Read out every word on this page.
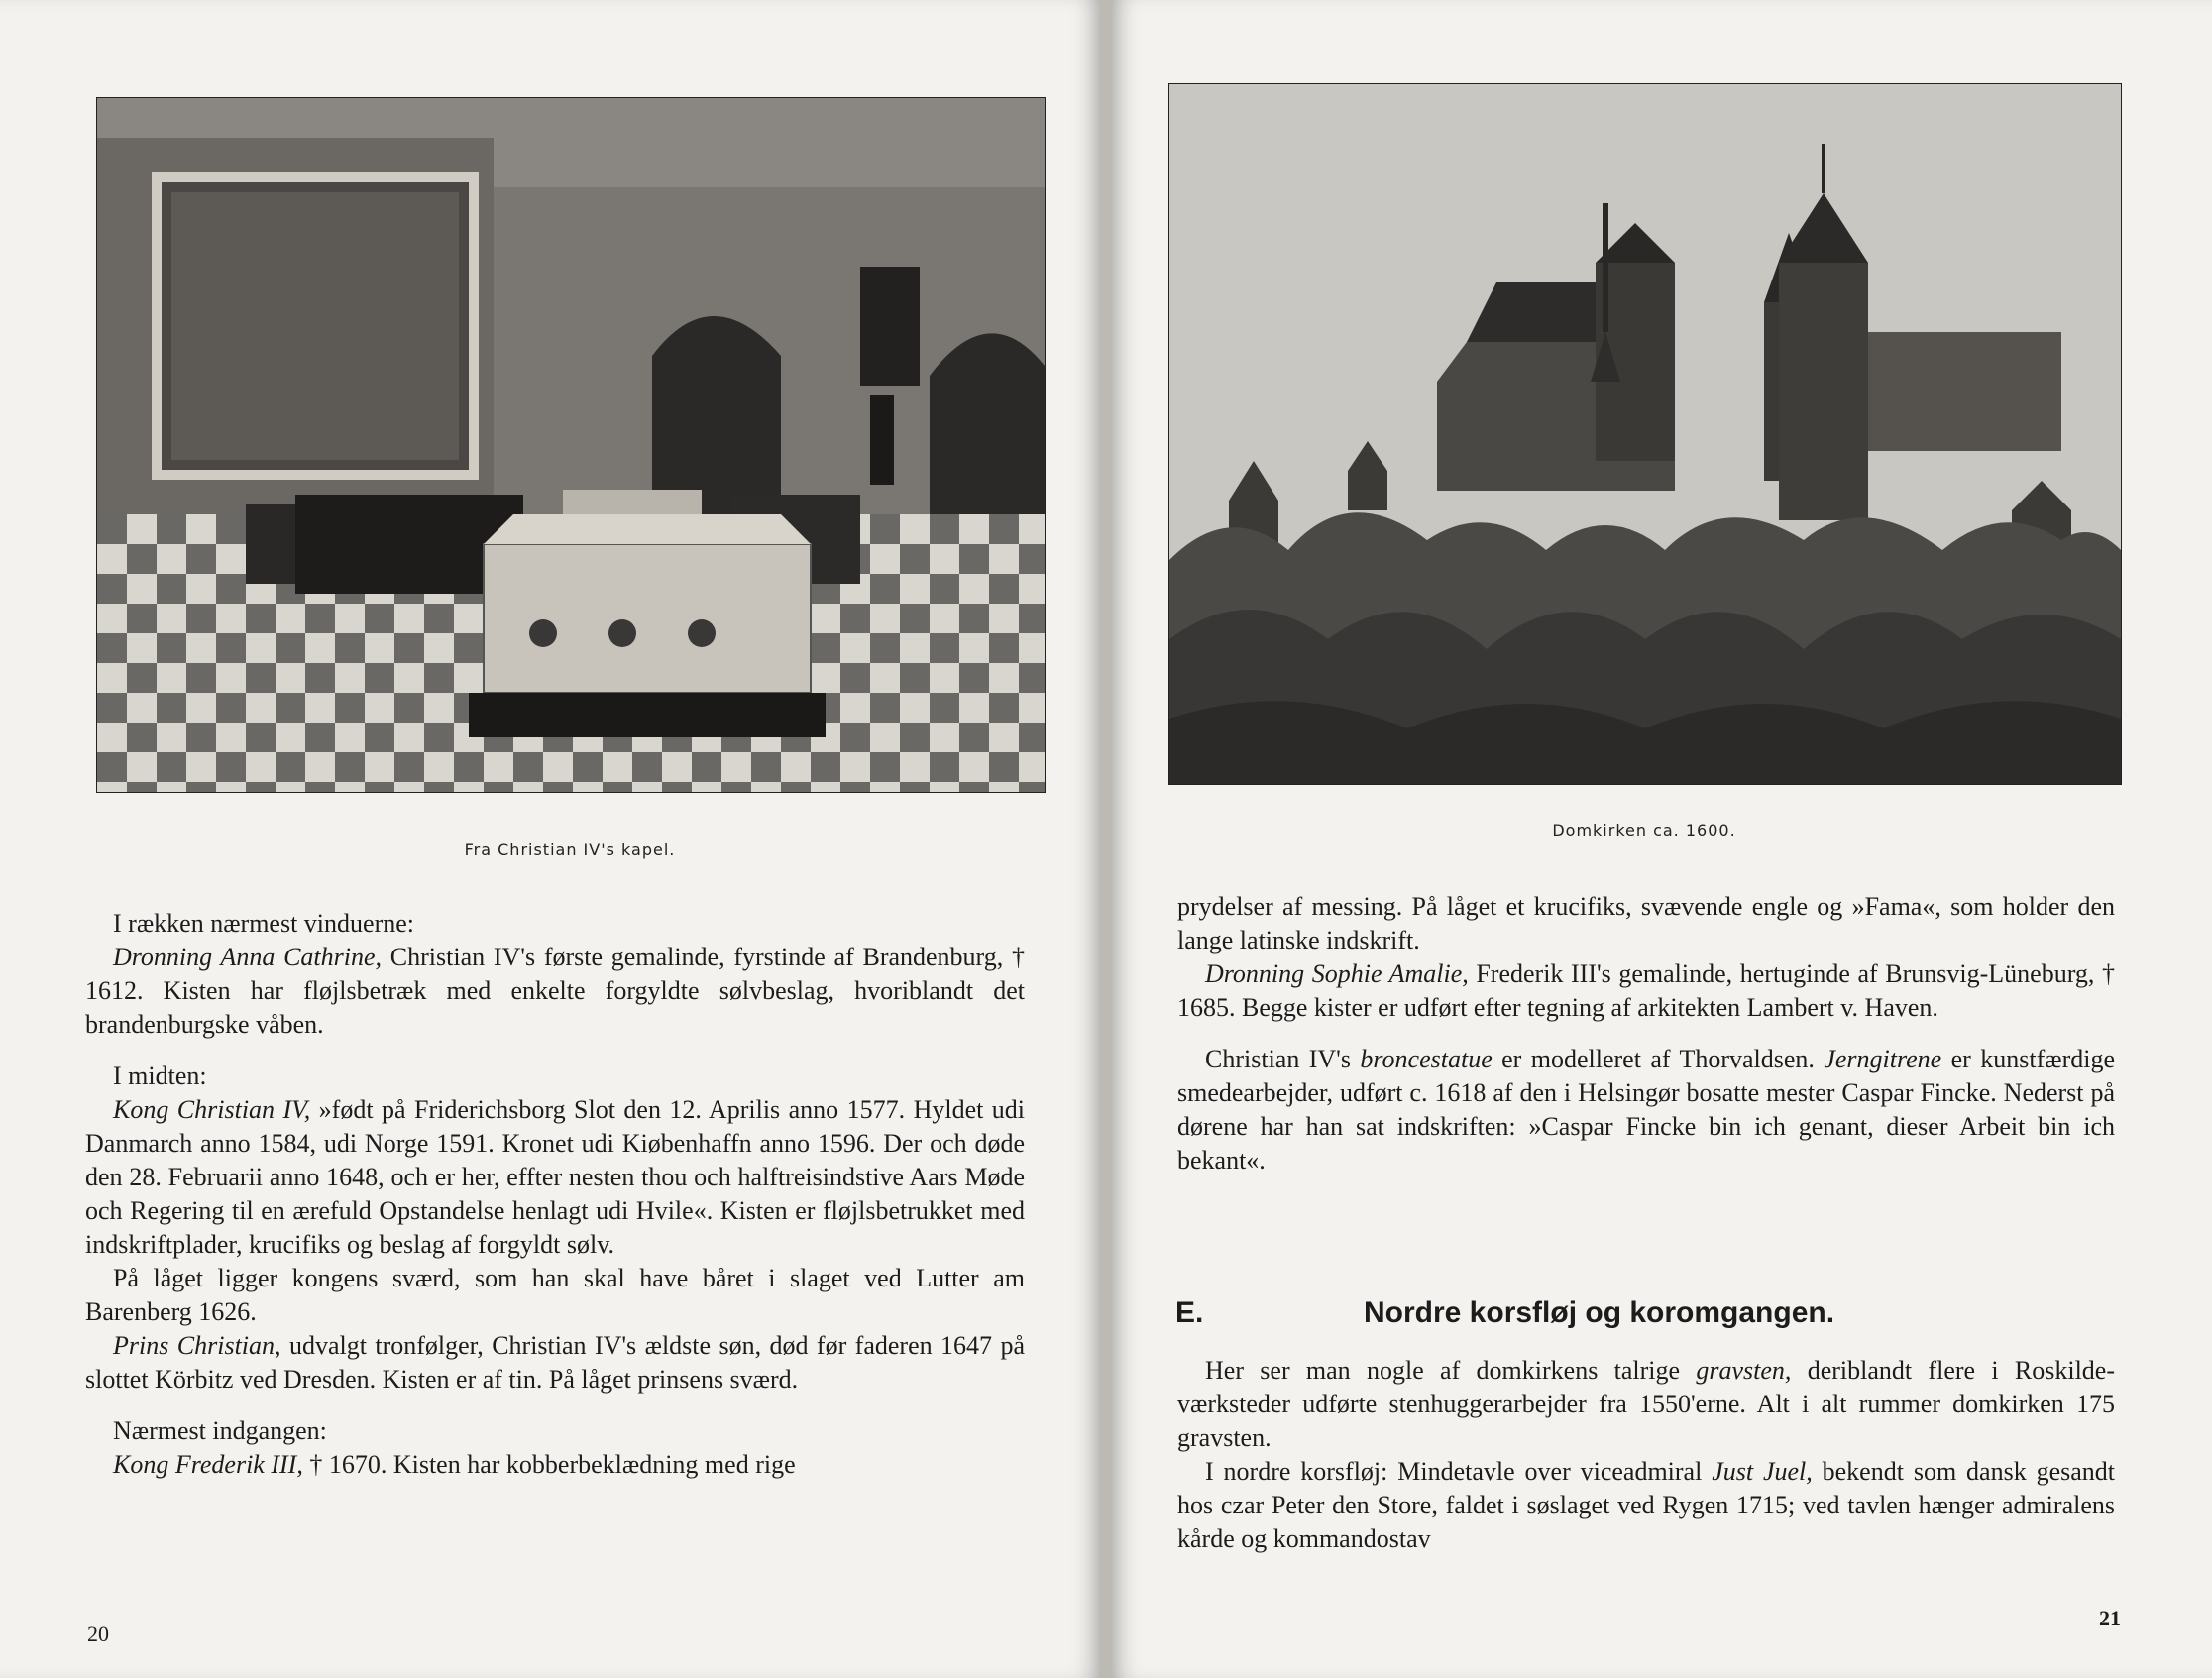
Fra Christian IV's kapel.

I rækken nærmest vinduerne:

Dronning Anna Cathrine, Christian IV's første gemalinde, fyrstinde af Brandenburg, † 1612. Kisten har fløjlsbetræk med enkelte forgyldte sølvbeslag, hvoriblandt det brandenburgske våben.

I midten:

Kong Christian IV, »født på Friderichsborg Slot den 12. Aprilis anno 1577. Hyldet udi Danmarch anno 1584, udi Norge 1591. Kronet udi Kiøbenhaffn anno 1596. Der och døde den 28. Februarii anno 1648, och er her, effter nesten thou och halftreisindstive Aars Møde och Regering til en ærefuld Opstandelse henlagt udi Hvile«. Kisten er fløjlsbetrukket med indskriftplader, krucifiks og beslag af forgyldt sølv.

På låget ligger kongens sværd, som han skal have båret i slaget ved Lutter am Barenberg 1626.

Prins Christian, udvalgt tronfølger, Christian IV's ældste søn, død før faderen 1647 på slottet Körbitz ved Dresden. Kisten er af tin. På låget prinsens sværd.

Nærmest indgangen:

Kong Frederik III, † 1670. Kisten har kobberbeklædning med rige

20
Domkirken ca. 1600.

prydelser af messing. På låget et krucifiks, svævende engle og »Fama«, som holder den lange latinske indskrift.

Dronning Sophie Amalie, Frederik III's gemalinde, hertuginde af Brunsvig-Lüneburg, † 1685. Begge kister er udført efter tegning af arkitekten Lambert v. Haven.

Christian IV's broncestatue er modelleret af Thorvaldsen. Jerngitrene er kunstfærdige smedearbejder, udført c. 1618 af den i Helsingør bosatte mester Caspar Fincke. Nederst på dørene har han sat indskriften: »Caspar Fincke bin ich genant, dieser Arbeit bin ich bekant«.

E.	Nordre korsfløj og koromgangen.

Her ser man nogle af domkirkens talrige gravsten, deriblandt flere i Roskilde-værksteder udførte stenhuggerarbejder fra 1550'erne. Alt i alt rummer domkirken 175 gravsten.

I nordre korsfløj: Mindetavle over viceadmiral Just Juel, bekendt som dansk gesandt hos czar Peter den Store, faldet i søslaget ved Rygen 1715; ved tavlen hænger admiralens kårde og kommandostav

21
